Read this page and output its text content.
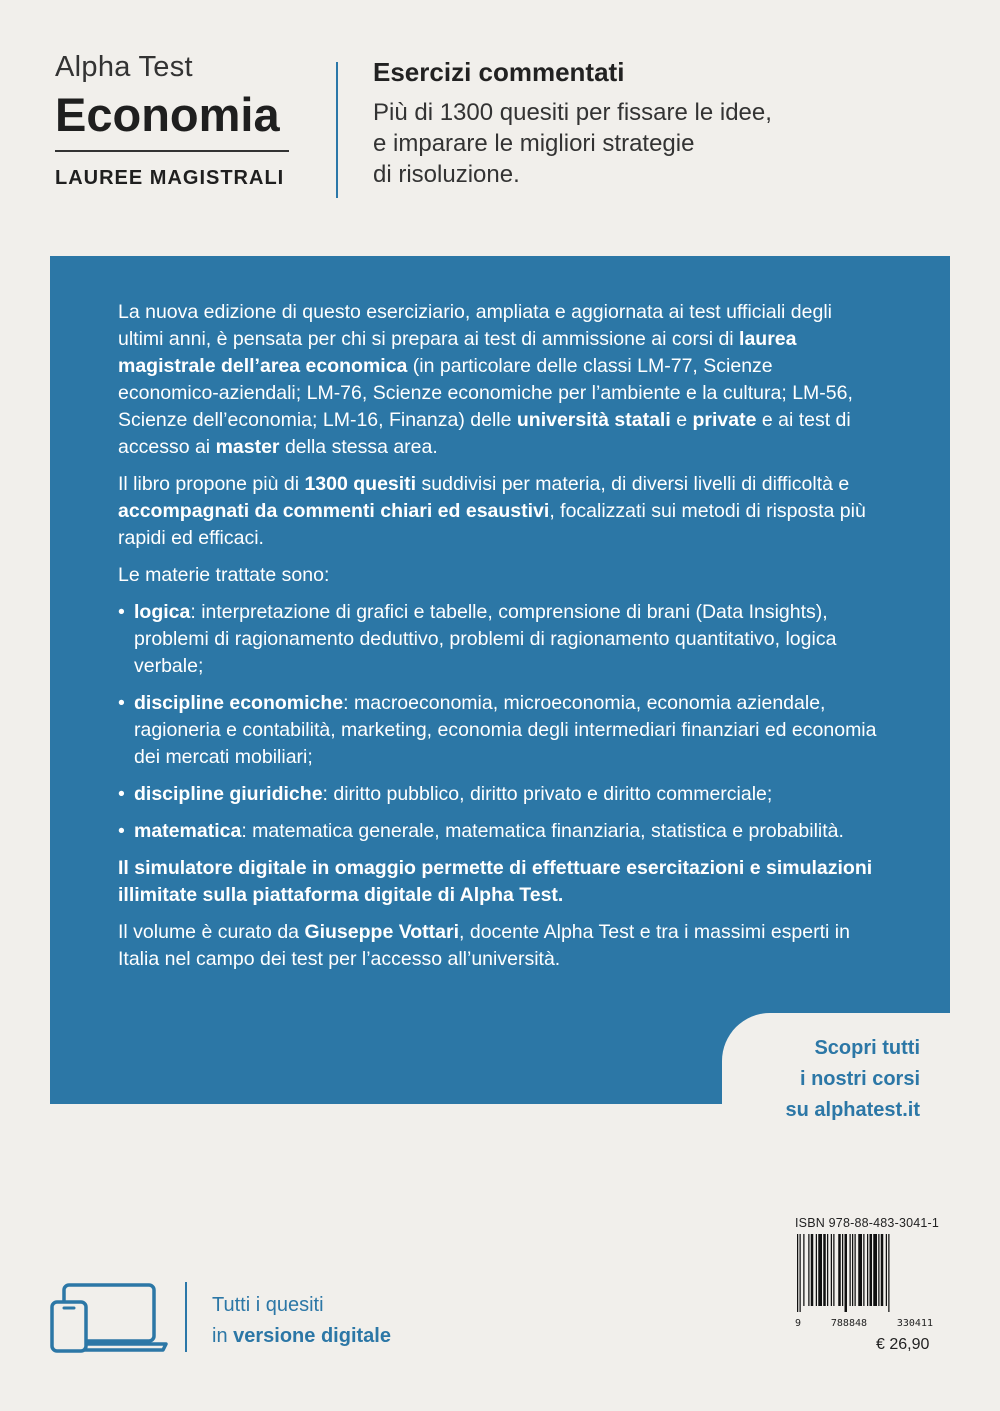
Alpha Test
Economia
LAUREE MAGISTRALI
Esercizi commentati
Più di 1300 quesiti per fissare le idee,
e imparare le migliori strategie
di risoluzione.

La nuova edizione di questo eserciziario, ampliata e aggiornata ai test ufficiali degli ultimi anni, è pensata per chi si prepara ai test di ammissione ai corsi di laurea magistrale dell’area economica (in particolare delle classi LM-77, Scienze economico-aziendali; LM-76, Scienze economiche per l’ambiente e la cultura; LM-56, Scienze dell’economia; LM-16, Finanza) delle università statali e private e ai test di accesso ai master della stessa area.

Il libro propone più di 1300 quesiti suddivisi per materia, di diversi livelli di difficoltà e accompagnati da commenti chiari ed esaustivi, focalizzati sui metodi di risposta più rapidi ed efficaci.

Le materie trattate sono:

• logica: interpretazione di grafici e tabelle, comprensione di brani (Data Insights), problemi di ragionamento deduttivo, problemi di ragionamento quantitativo, logica verbale;
• discipline economiche: macroeconomia, microeconomia, economia aziendale, ragioneria e contabilità, marketing, economia degli intermediari finanziari ed economia dei mercati mobiliari;
• discipline giuridiche: diritto pubblico, diritto privato e diritto commerciale;
• matematica: matematica generale, matematica finanziaria, statistica e probabilità.

Il simulatore digitale in omaggio permette di effettuare esercitazioni e simulazioni illimitate sulla piattaforma digitale di Alpha Test.

Il volume è curato da Giuseppe Vottari, docente Alpha Test e tra i massimi esperti in Italia nel campo dei test per l’accesso all’università.

Scopri tutti
i nostri corsi
su alphatest.it
Tutti i quesiti
in versione digitale
ISBN 978-88-483-3041-1
9	788848	330411
€ 26,90
